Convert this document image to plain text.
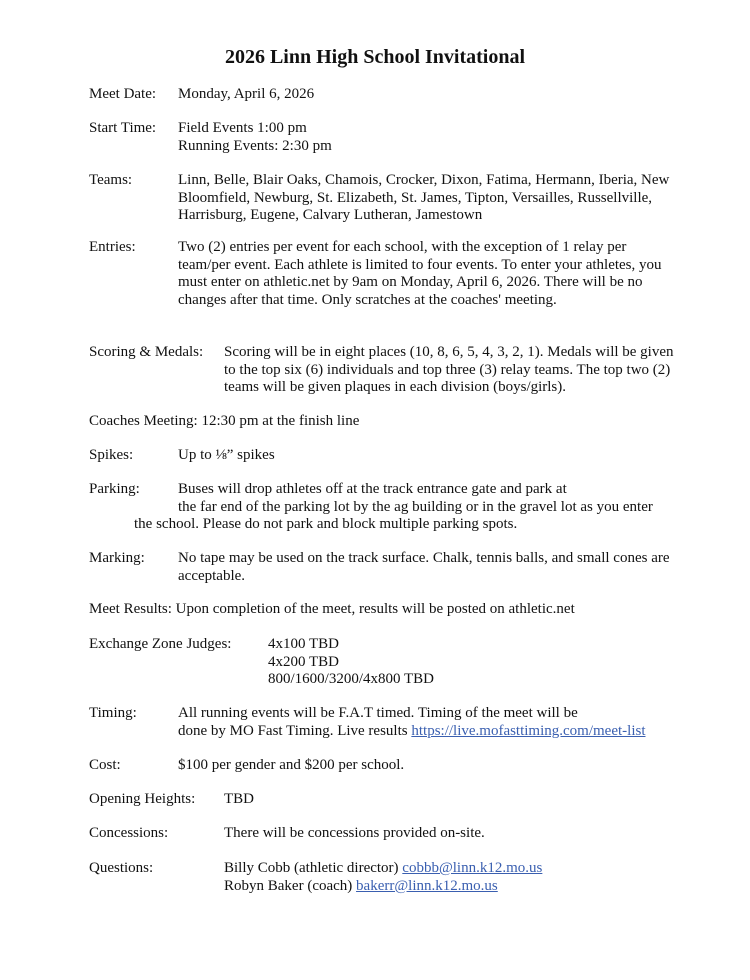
2026 Linn High School Invitational
Meet Date: Monday, April 6, 2026
Start Time: Field Events 1:00 pm
Running Events: 2:30 pm
Teams:	Linn, Belle, Blair Oaks, Chamois, Crocker, Dixon, Fatima, Hermann, Iberia, New
Bloomfield, Newburg, St. Elizabeth, St. James, Tipton, Versailles, Russellville,
Harrisburg, Eugene, Calvary Lutheran, Jamestown
Entries:	Two (2) entries per event for each school, with the exception of 1 relay per
team/per event. Each athlete is limited to four events. To enter your athletes, you
must enter on athletic.net by 9am on Monday, April 6, 2026. There will be no
changes after that time. Only scratches at the coaches' meeting.
Scoring & Medals: Scoring will be in eight places (10, 8, 6, 5, 4, 3, 2, 1). Medals will be given
to the top six (6) individuals and top three (3) relay teams. The top two (2)
teams will be given plaques in each division (boys/girls).
Coaches Meeting: 12:30 pm at the finish line
Spikes:	Up to ⅛” spikes
Parking:	Buses will drop athletes off at the track entrance gate and park at
the far end of the parking lot by the ag building or in the gravel lot as you enter
the school. Please do not park and block multiple parking spots.
Marking: No tape may be used on the track surface. Chalk, tennis balls, and small cones are
acceptable.
Meet Results: Upon completion of the meet, results will be posted on athletic.net
Exchange Zone Judges: 4x100 TBD
4x200 TBD
800/1600/3200/4x800 TBD
Timing:	All running events will be F.A.T timed. Timing of the meet will be
done by MO Fast Timing. Live results https://live.mofasttiming.com/meet-list
Cost:	$100 per gender and $200 per school.
Opening Heights: TBD
Concessions:	There will be concessions provided on-site.
Questions:	Billy Cobb (athletic director) cobbb@linn.k12.mo.us
Robyn Baker (coach) bakerr@linn.k12.mo.us
